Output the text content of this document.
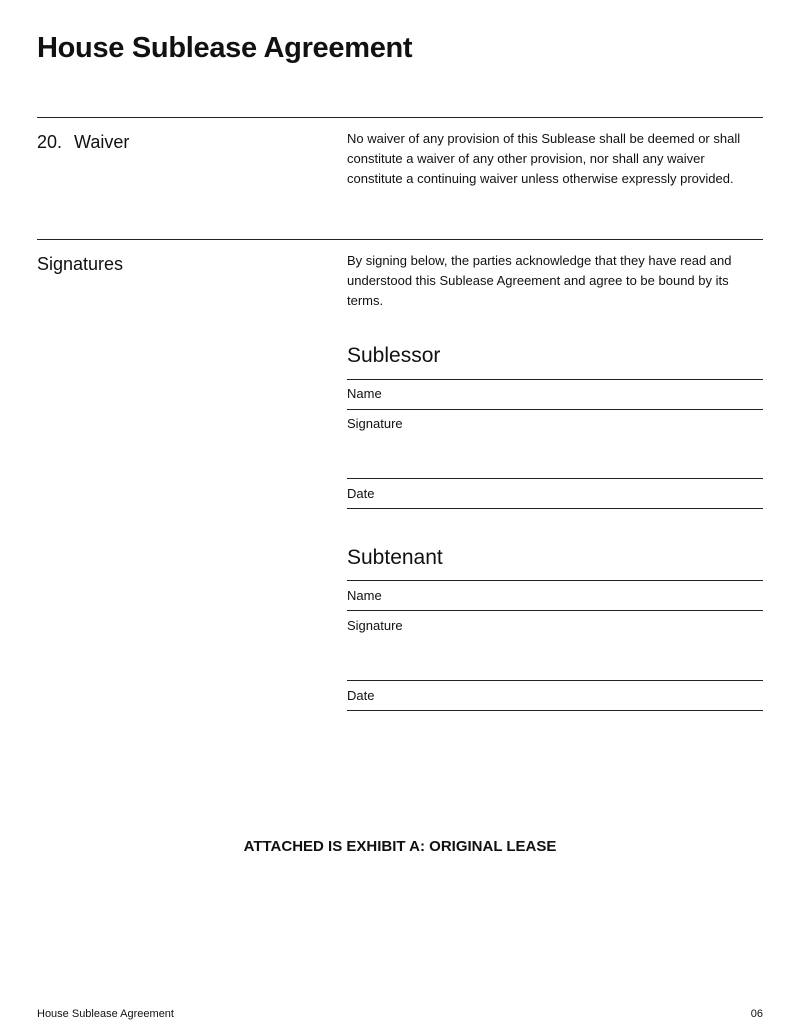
House Sublease Agreement
20. Waiver	No waiver of any provision of this Sublease shall be deemed or shall constitute a waiver of any other provision, nor shall any waiver constitute a continuing waiver unless otherwise expressly provided.

Signatures	By signing below, the parties acknowledge that they have read and understood this Sublease Agreement and agree to be bound by its terms.

Sublessor
Name
Signature
Date
Subtenant
Name
Signature
Date
ATTACHED IS EXHIBIT A: ORIGINAL LEASE
House Sublease Agreement	06
